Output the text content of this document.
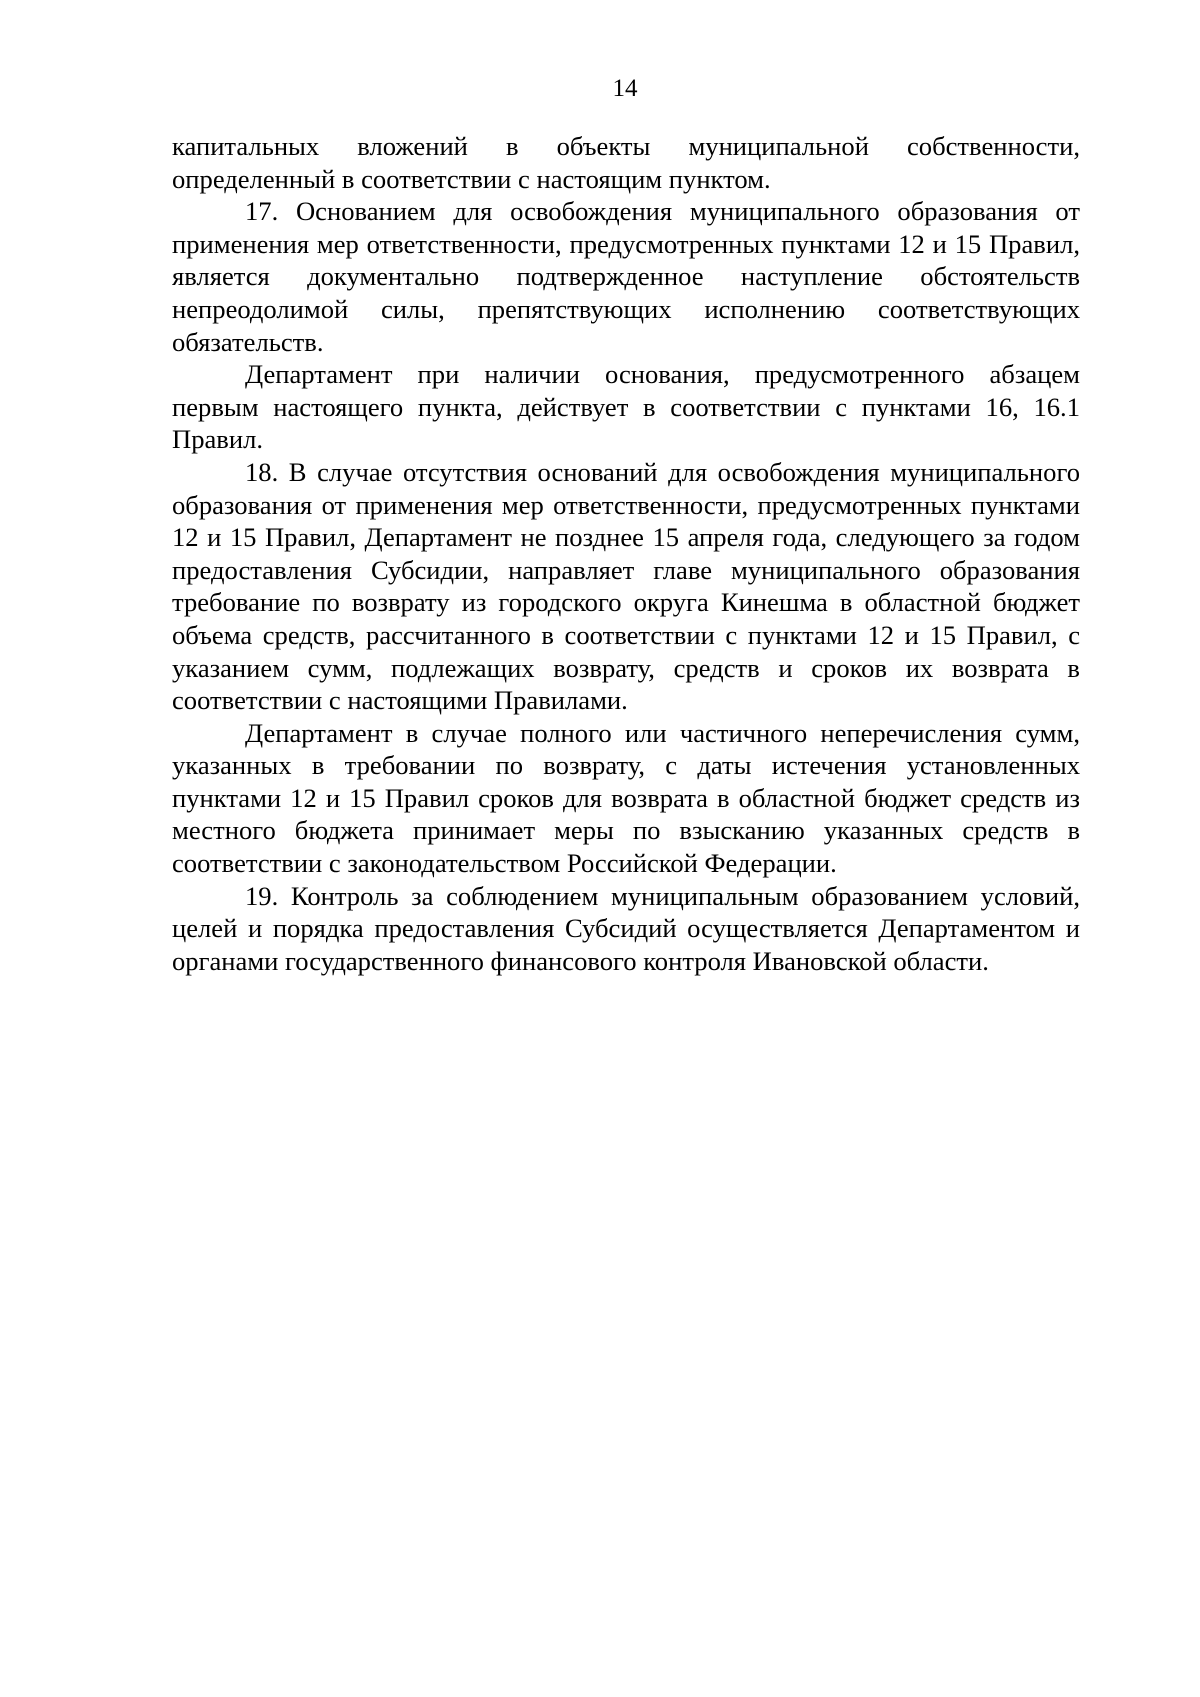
14

капитальных вложений в объекты муниципальной собственности, определенный в соответствии с настоящим пунктом.

17. Основанием для освобождения муниципального образования от применения мер ответственности, предусмотренных пунктами 12 и 15 Правил, является документально подтвержденное наступление обстоятельств непреодолимой силы, препятствующих исполнению соответствующих обязательств.

Департамент при наличии основания, предусмотренного абзацем первым настоящего пункта, действует в соответствии с пунктами 16, 16.1 Правил.

18. В случае отсутствия оснований для освобождения муниципального образования от применения мер ответственности, предусмотренных пунктами 12 и 15 Правил, Департамент не позднее 15 апреля года, следующего за годом предоставления Субсидии, направляет главе муниципального образования требование по возврату из городского округа Кинешма в областной бюджет объема средств, рассчитанного в соответствии с пунктами 12 и 15 Правил, с указанием сумм, подлежащих возврату, средств и сроков их возврата в соответствии с настоящими Правилами.

Департамент в случае полного или частичного неперечисления сумм, указанных в требовании по возврату, с даты истечения установленных пунктами 12 и 15 Правил сроков для возврата в областной бюджет средств из местного бюджета принимает меры по взысканию указанных средств в соответствии с законодательством Российской Федерации.

19. Контроль за соблюдением муниципальным образованием условий, целей и порядка предоставления Субсидий осуществляется Департаментом и органами государственного финансового контроля Ивановской области.
